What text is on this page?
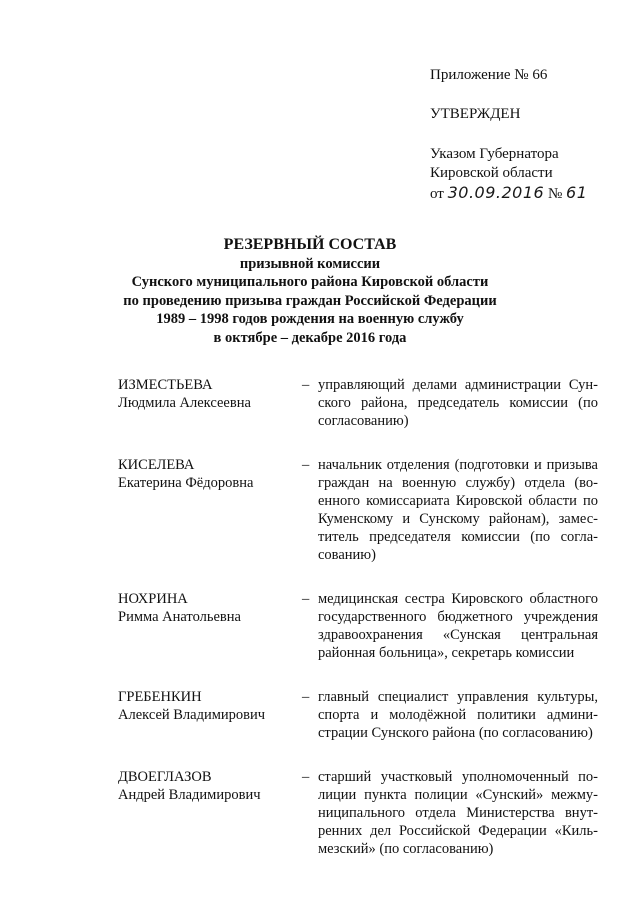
Приложение № 66
УТВЕРЖДЕН
Указом Губернатора
Кировской области
от 30.09.2016 № 61
РЕЗЕРВНЫЙ СОСТАВ
призывной комиссии
Сунского муниципального района Кировской области
по проведению призыва граждан Российской Федерации
1989 – 1998 годов рождения на военную службу
в октябре – декабре 2016 года
ИЗМЕСТЬЕВА
Людмила Алексеевна
– управляющий делами администрации Сунского района, председатель комиссии (по согласованию)
КИСЕЛЕВА
Екатерина Фёдоровна
– начальник отделения (подготовки и призыва граждан на военную службу) отдела (военного комиссариата Кировской области по Куменскому и Сунскому районам), заместитель председателя комиссии (по согласованию)
НОХРИНА
Римма Анатольевна
– медицинская сестра Кировского областного государственного бюджетного учреждения здравоохранения «Сунская центральная районная больница», секретарь комиссии
ГРЕБЕНКИН
Алексей Владимирович
– главный специалист управления культуры, спорта и молодёжной политики администрации Сунского района (по согласованию)
ДВОЕГЛАЗОВ
Андрей Владимирович
– старший участковый уполномоченный полиции пункта полиции «Сунский» межмуниципального отдела Министерства внутренних дел Российской Федерации «Кильмезский» (по согласованию)
